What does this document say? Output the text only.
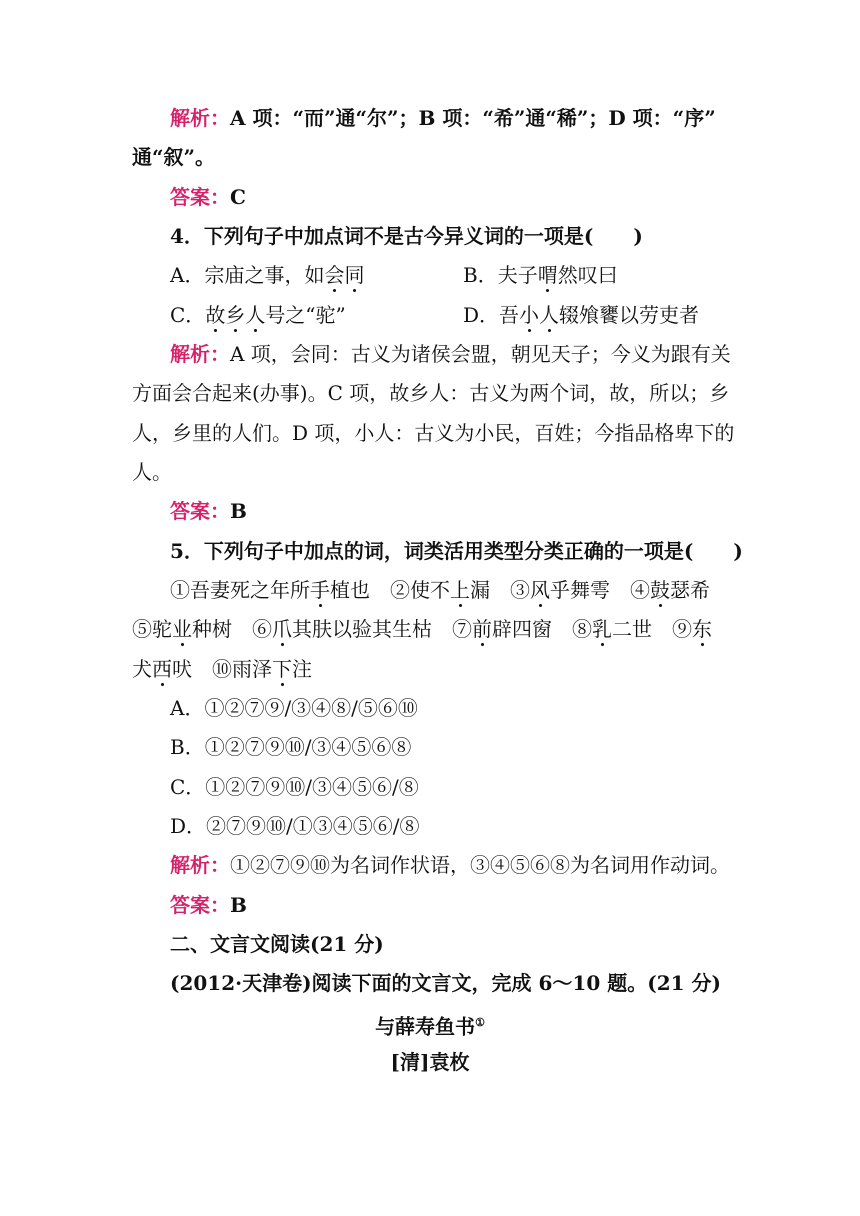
解析：A 项：“而”通“尔”；B 项：“希”通“稀”；D 项：“序”
通“叙”。
答案：C
4．下列句子中加点词不是古今异义词的一项是(　　)
A．宗庙之事，如会同	B．夫子喟然叹曰
C．故乡人号之“驼”	D．吾小人辍飧饔以劳吏者
解析：A 项，会同：古义为诸侯会盟，朝见天子；今义为跟有关
方面会合起来(办事)。C 项，故乡人：古义为两个词，故，所以；乡
人，乡里的人们。D 项，小人：古义为小民，百姓；今指品格卑下的
人。
答案：B
5．下列句子中加点的词，词类活用类型分类正确的一项是(　　)
①吾妻死之年所手植也　 ②使不上漏　 ③风乎舞雩　 ④鼓瑟希
⑤驼业种树　 ⑥爪其肤以验其生枯　 ⑦前辟四窗　 ⑧乳二世　 ⑨东
犬西吠　 ⑩雨泽下注
A．①②⑦⑨/③④⑧/⑤⑥⑩
B．①②⑦⑨⑩/③④⑤⑥⑧
C．①②⑦⑨⑩/③④⑤⑥/⑧
D．②⑦⑨⑩/①③④⑤⑥/⑧
解析：①②⑦⑨⑩为名词作状语，③④⑤⑥⑧为名词用作动词。
答案：B
二、文言文阅读(21 分)
(2012·天津卷)阅读下面的文言文，完成 6～10 题。(21 分)
与薛寿鱼书①
[清]袁枚
